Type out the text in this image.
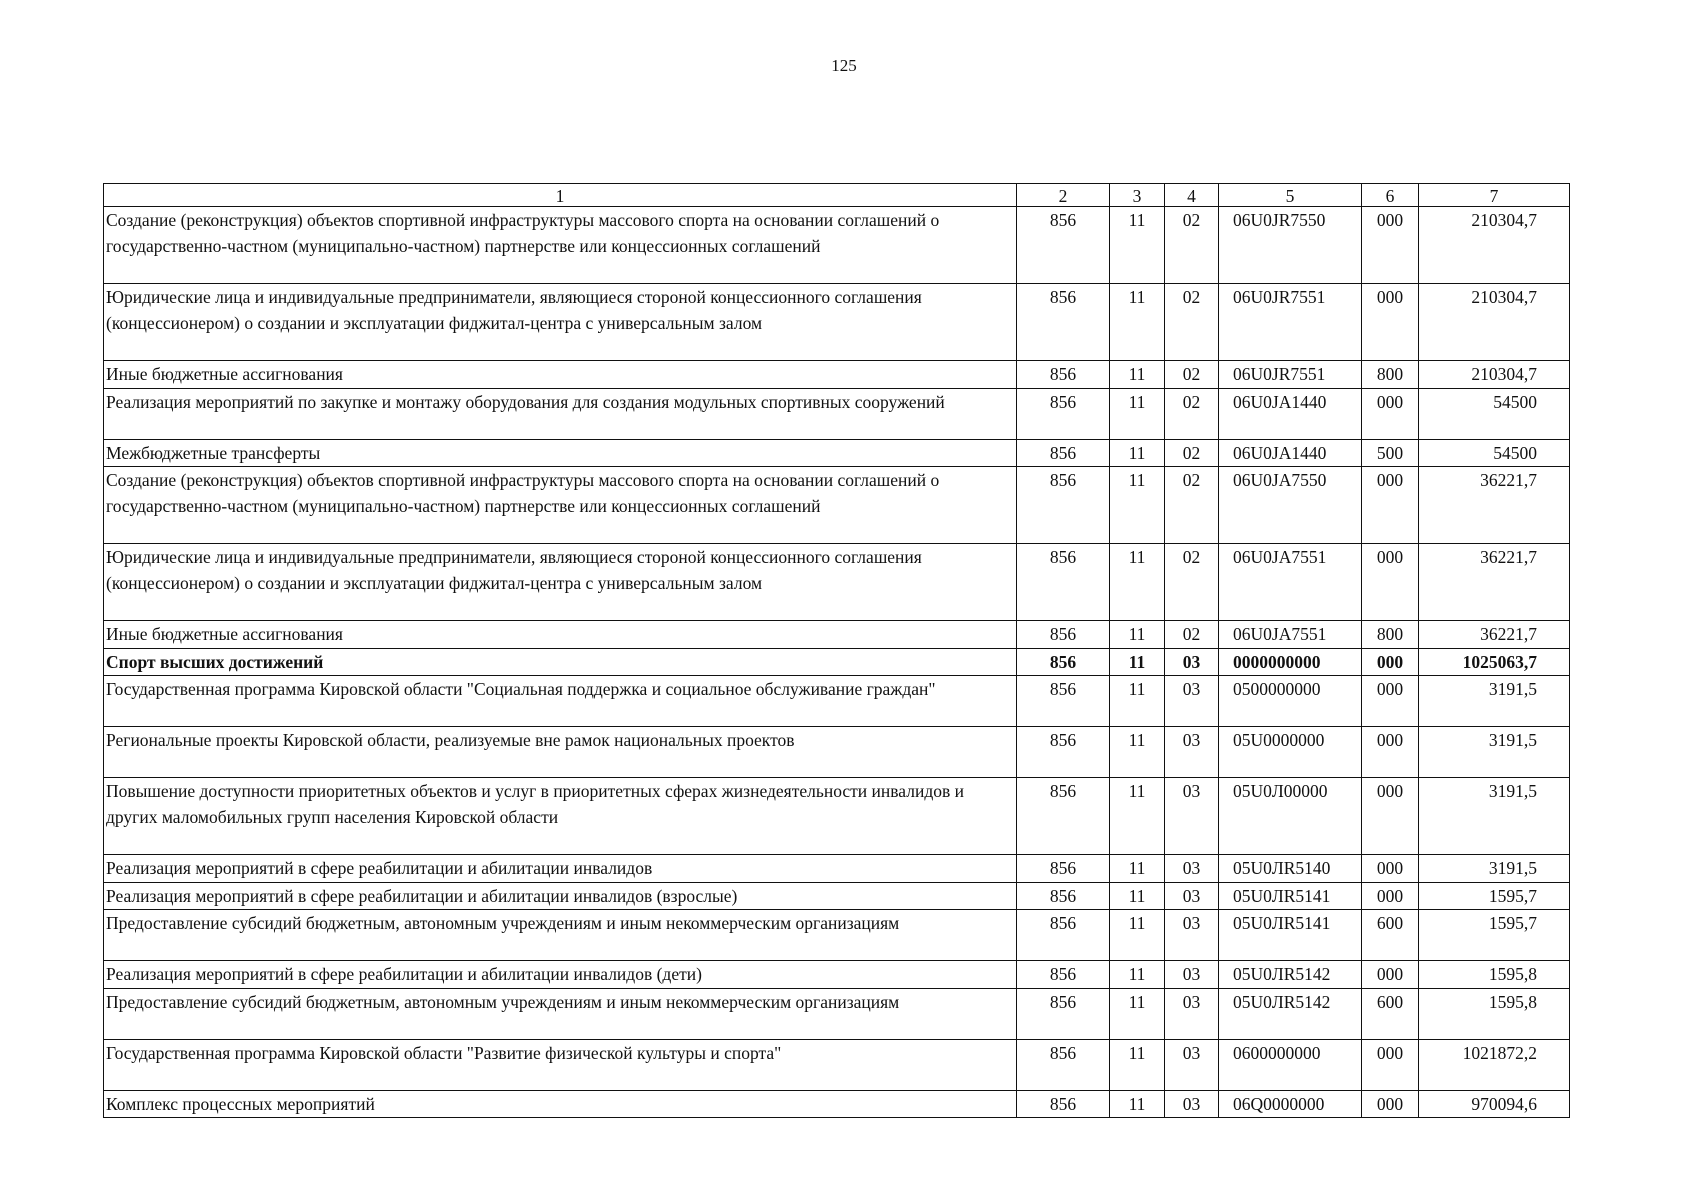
125
1	2	3	4	5	6	7
Создание (реконструкция) объектов спортивной инфраструктуры массового спорта на основании соглашений о государственно-частном (муниципально-частном) партнерстве или концессионных соглашений	856	11	02	06U0JR7550	000	210304,7
Юридические лица и индивидуальные предприниматели, являющиеся стороной концессионного соглашения (концессионером) о создании и эксплуатации фиджитал-центра с универсальным залом	856	11	02	06U0JR7551	000	210304,7
Иные бюджетные ассигнования	856	11	02	06U0JR7551	800	210304,7
Реализация мероприятий по закупке и монтажу оборудования для создания модульных спортивных сооружений	856	11	02	06U0JA1440	000	54500
Межбюджетные трансферты	856	11	02	06U0JA1440	500	54500
Создание (реконструкция) объектов спортивной инфраструктуры массового спорта на основании соглашений о государственно-частном (муниципально-частном) партнерстве или концессионных соглашений	856	11	02	06U0JA7550	000	36221,7
Юридические лица и индивидуальные предприниматели, являющиеся стороной концессионного соглашения (концессионером) о создании и эксплуатации фиджитал-центра с универсальным залом	856	11	02	06U0JA7551	000	36221,7
Иные бюджетные ассигнования	856	11	02	06U0JA7551	800	36221,7
Спорт высших достижений	856	11	03	0000000000	000	1025063,7
Государственная программа Кировской области "Социальная поддержка и социальное обслуживание граждан"	856	11	03	0500000000	000	3191,5
Региональные проекты Кировской области, реализуемые вне рамок национальных проектов	856	11	03	05U0000000	000	3191,5
Повышение доступности приоритетных объектов и услуг в приоритетных сферах жизнедеятельности инвалидов и других маломобильных групп населения Кировской области	856	11	03	05U0Л00000	000	3191,5
Реализация мероприятий в сфере реабилитации и абилитации инвалидов	856	11	03	05U0ЛR5140	000	3191,5
Реализация мероприятий в сфере реабилитации и абилитации инвалидов (взрослые)	856	11	03	05U0ЛR5141	000	1595,7
Предоставление субсидий бюджетным, автономным учреждениям и иным некоммерческим организациям	856	11	03	05U0ЛR5141	600	1595,7
Реализация мероприятий в сфере реабилитации и абилитации инвалидов (дети)	856	11	03	05U0ЛR5142	000	1595,8
Предоставление субсидий бюджетным, автономным учреждениям и иным некоммерческим организациям	856	11	03	05U0ЛR5142	600	1595,8
Государственная программа Кировской области "Развитие физической культуры и спорта"	856	11	03	0600000000	000	1021872,2
Комплекс процессных мероприятий	856	11	03	06Q0000000	000	970094,6
